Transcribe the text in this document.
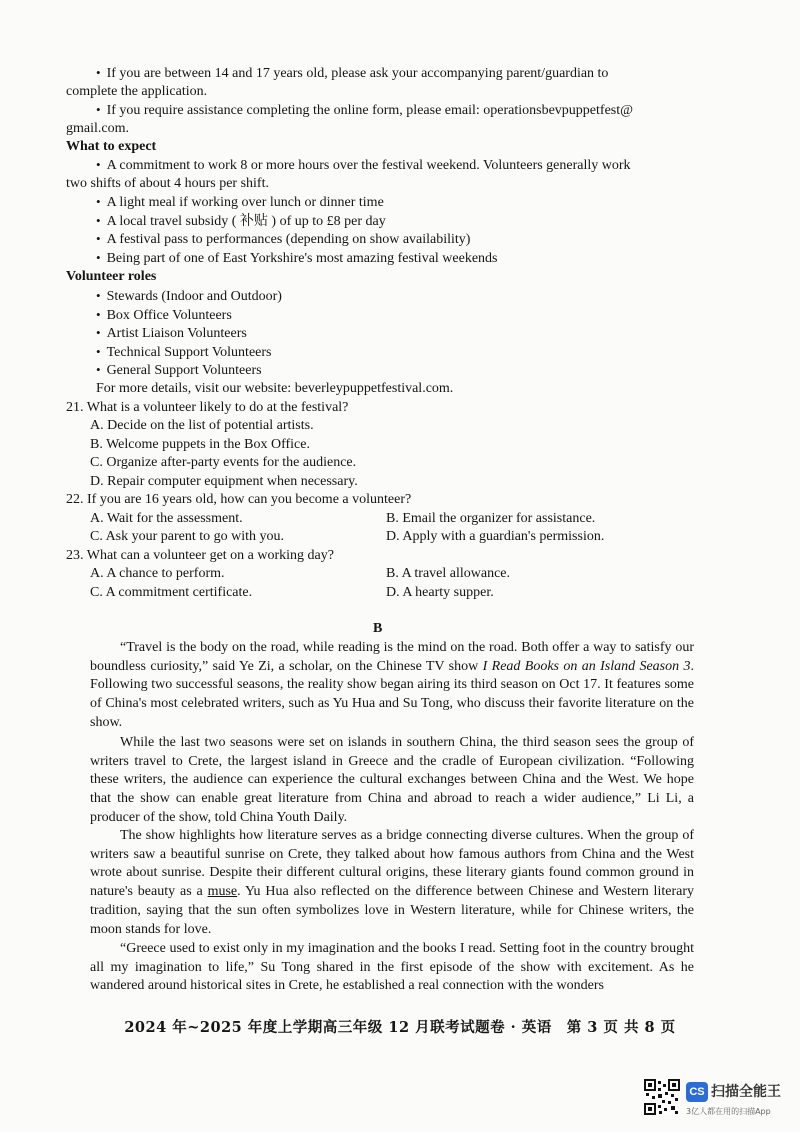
• If you are between 14 and 17 years old, please ask your accompanying parent/guardian to
complete the application.
• If you require assistance completing the online form, please email: operationsbevpuppetfest@
gmail.com.
What to expect
• A commitment to work 8 or more hours over the festival weekend. Volunteers generally work
two shifts of about 4 hours per shift.
• A light meal if working over lunch or dinner time
• A local travel subsidy ( 补贴 ) of up to £8 per day
• A festival pass to performances (depending on show availability)
• Being part of one of East Yorkshire's most amazing festival weekends
Volunteer roles
• Stewards (Indoor and Outdoor)
• Box Office Volunteers
• Artist Liaison Volunteers
• Technical Support Volunteers
• General Support Volunteers
For more details, visit our website: beverleypuppetfestival.com.
21. What is a volunteer likely to do at the festival?
A. Decide on the list of potential artists.
B. Welcome puppets in the Box Office.
C. Organize after-party events for the audience.
D. Repair computer equipment when necessary.
22. If you are 16 years old, how can you become a volunteer?
A. Wait for the assessment.	B. Email the organizer for assistance.
C. Ask your parent to go with you.	D. Apply with a guardian's permission.
23. What can a volunteer get on a working day?
A. A chance to perform.	B. A travel allowance.
C. A commitment certificate.	D. A hearty supper.
B

“Travel is the body on the road, while reading is the mind on the road. Both offer a way to satisfy our boundless curiosity,” said Ye Zi, a scholar, on the Chinese TV show I Read Books on an Island Season 3. Following two successful seasons, the reality show began airing its third season on Oct 17. It features some of China's most celebrated writers, such as Yu Hua and Su Tong, who discuss their favorite literature on the show.

While the last two seasons were set on islands in southern China, the third season sees the group of writers travel to Crete, the largest island in Greece and the cradle of European civilization. “Following these writers, the audience can experience the cultural exchanges between China and the West. We hope that the show can enable great literature from China and abroad to reach a wider audience,” Li Li, a producer of the show, told China Youth Daily.

The show highlights how literature serves as a bridge connecting diverse cultures. When the group of writers saw a beautiful sunrise on Crete, they talked about how famous authors from China and the West wrote about sunrise. Despite their different cultural origins, these literary giants found common ground in nature's beauty as a muse. Yu Hua also reflected on the difference between Chinese and Western literary tradition, saying that the sun often symbolizes love in Western literature, while for Chinese writers, the moon stands for love.

“Greece used to exist only in my imagination and the books I read. Setting foot in the country brought all my imagination to life,” Su Tong shared in the first episode of the show with excitement. As he wandered around historical sites in Crete, he established a real connection with the wonders

2024 年~2025 年度上学期高三年级 12 月联考试题卷 · 英语　第 3 页 共 8 页
CS 扫描全能王
3亿人都在用的扫描App
